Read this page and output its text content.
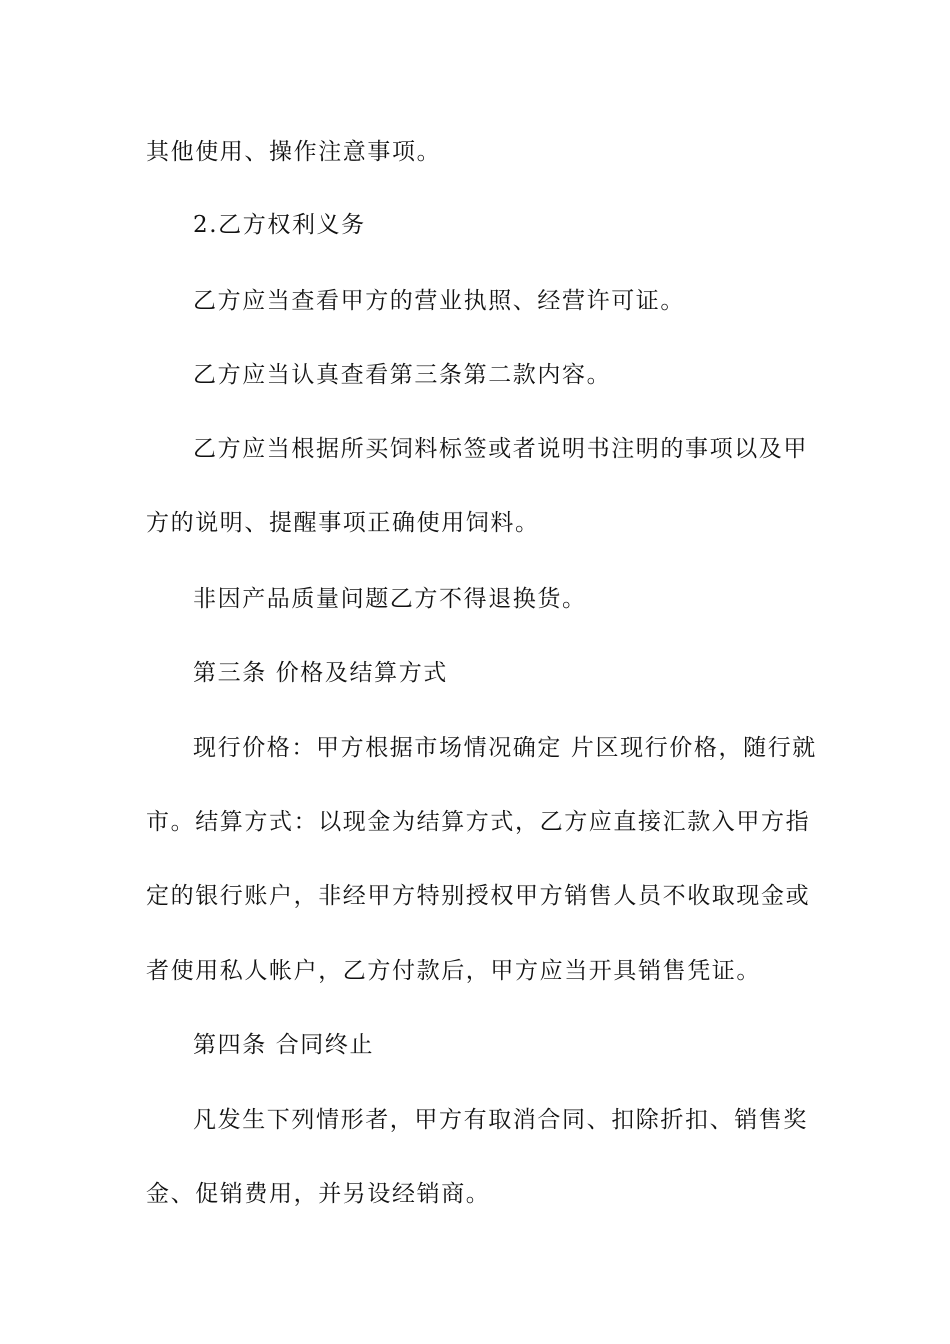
其他使用、操作注意事项。
2.乙方权利义务
乙方应当查看甲方的营业执照、经营许可证。
乙方应当认真查看第三条第二款内容。
乙方应当根据所买饲料标签或者说明书注明的事项以及甲
方的说明、提醒事项正确使用饲料。
非因产品质量问题乙方不得退换货。
第三条 价格及结算方式
现行价格：甲方根据市场情况确定 片区现行价格，随行就
市。结算方式：以现金为结算方式，乙方应直接汇款入甲方指
定的银行账户，非经甲方特别授权甲方销售人员不收取现金或
者使用私人帐户，乙方付款后，甲方应当开具销售凭证。
第四条 合同终止
凡发生下列情形者，甲方有取消合同、扣除折扣、销售奖
金、促销费用，并另设经销商。
